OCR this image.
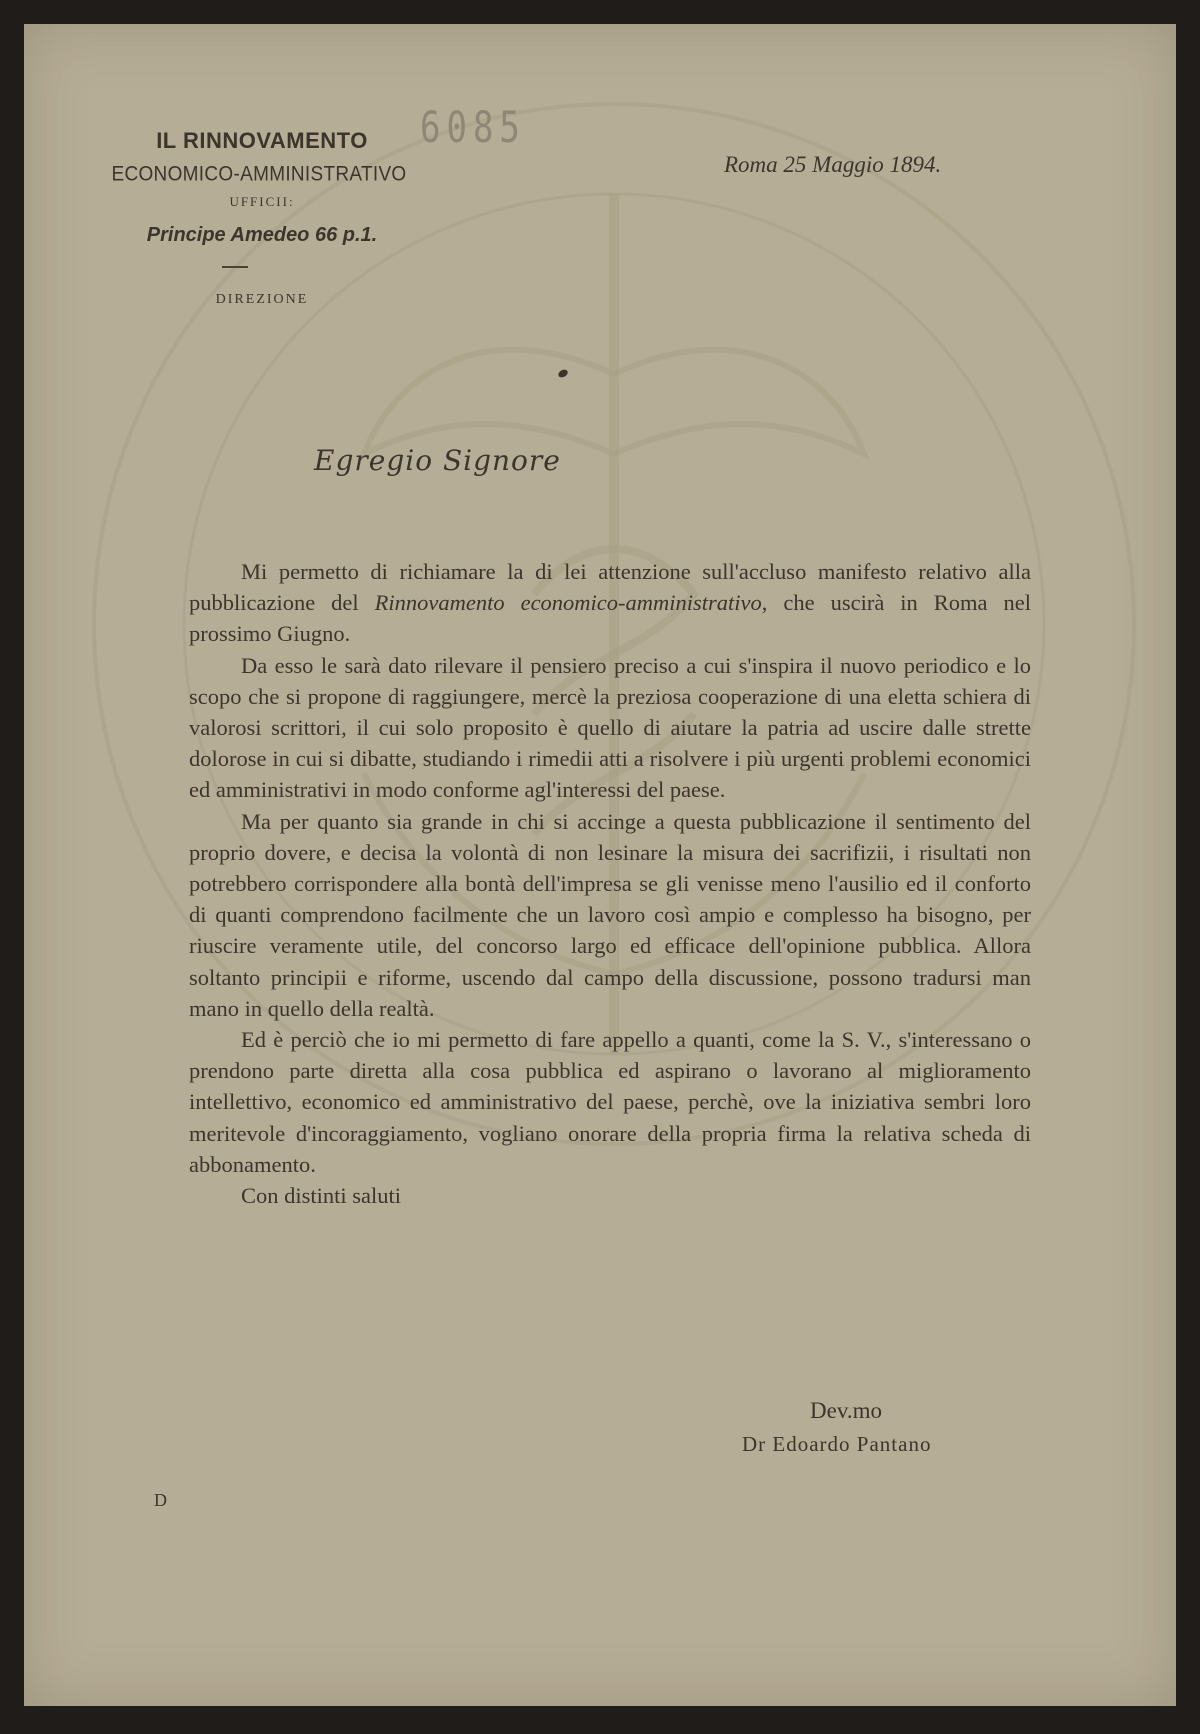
IL RINNOVAMENTO
ECONOMICO-AMMINISTRATIVO
UFFICII:
Principe Amedeo 66 p.1.
DIREZIONE
6085
Roma 25 Maggio 1894.
Egregio Signore

Mi permetto di richiamare la di lei attenzione sull'accluso manifesto relativo alla pubblicazione del Rinnovamento economico-amministrativo, che uscirà in Roma nel prossimo Giugno.

Da esso le sarà dato rilevare il pensiero preciso a cui s'inspira il nuovo periodico e lo scopo che si propone di raggiungere, mercè la preziosa cooperazione di una eletta schiera di valorosi scrittori, il cui solo proposito è quello di aiutare la patria ad uscire dalle strette dolorose in cui si dibatte, studiando i rimedii atti a risolvere i più urgenti problemi economici ed amministrativi in modo conforme agl'interessi del paese.

Ma per quanto sia grande in chi si accinge a questa pubblicazione il sentimento del proprio dovere, e decisa la volontà di non lesinare la misura dei sacrifizii, i risultati non potrebbero corrispondere alla bontà dell'impresa se gli venisse meno l'ausilio ed il conforto di quanti comprendono facilmente che un lavoro così ampio e complesso ha bisogno, per riuscire veramente utile, del concorso largo ed efficace dell'opinione pubblica. Allora soltanto principii e riforme, uscendo dal campo della discussione, possono tradursi man mano in quello della realtà.

Ed è perciò che io mi permetto di fare appello a quanti, come la S. V., s'interessano o prendono parte diretta alla cosa pubblica ed aspirano o lavorano al miglioramento intellettivo, economico ed amministrativo del paese, perchè, ove la iniziativa sembri loro meritevole d'incoraggiamento, vogliano onorare della propria firma la relativa scheda di abbonamento.

Con distinti saluti

Dev.mo
Dr Edoardo Pantano
D
